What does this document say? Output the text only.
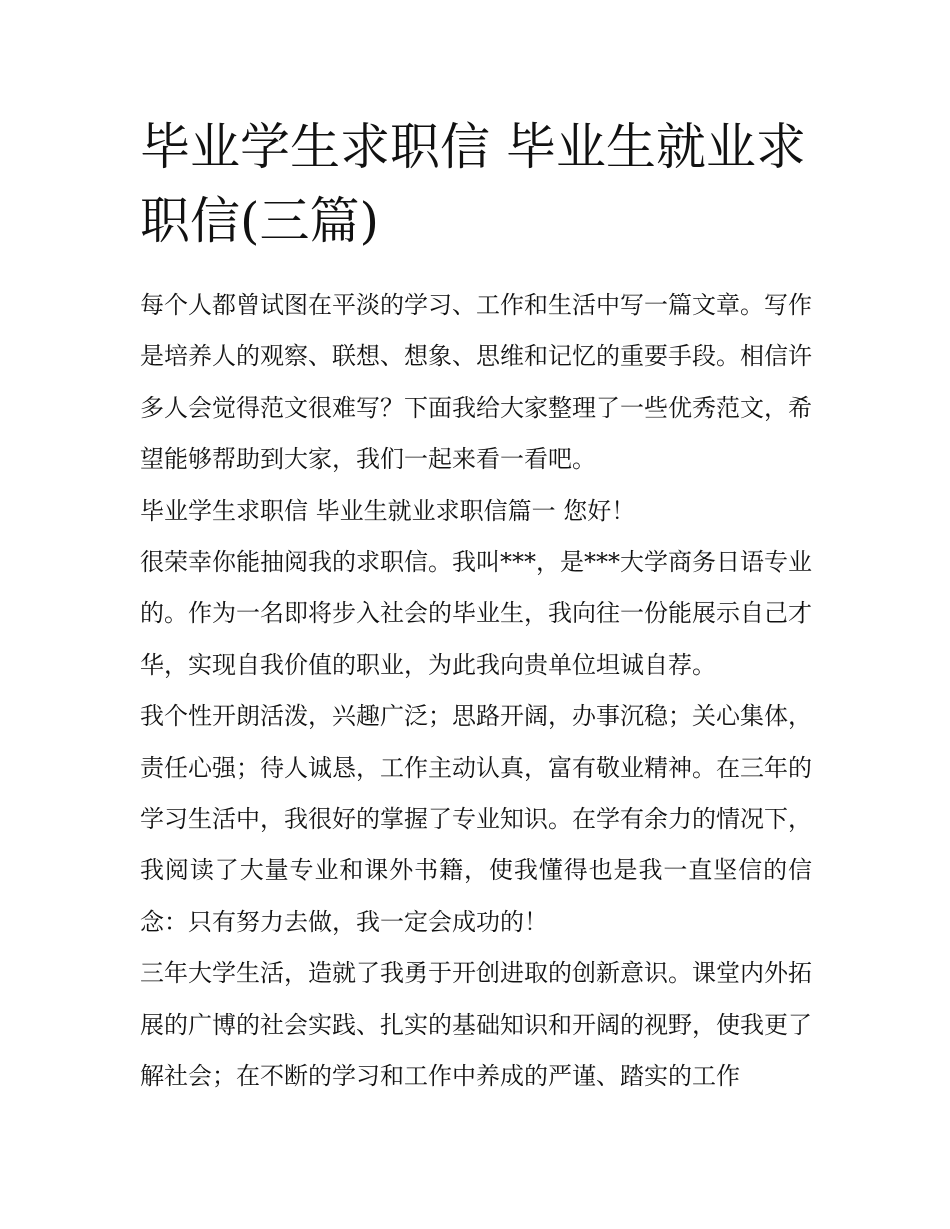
毕业学生求职信 毕业生就业求职信(三篇)

每个人都曾试图在平淡的学习、工作和生活中写一篇文章。写作是培养人的观察、联想、想象、思维和记忆的重要手段。相信许多人会觉得范文很难写？下面我给大家整理了一些优秀范文，希望能够帮助到大家，我们一起来看一看吧。

毕业学生求职信 毕业生就业求职信篇一 您好！

很荣幸你能抽阅我的求职信。我叫***，是***大学商务日语专业的。作为一名即将步入社会的毕业生，我向往一份能展示自己才华，实现自我价值的职业，为此我向贵单位坦诚自荐。

我个性开朗活泼，兴趣广泛；思路开阔，办事沉稳；关心集体，责任心强；待人诚恳，工作主动认真，富有敬业精神。在三年的学习生活中，我很好的掌握了专业知识。在学有余力的情况下，我阅读了大量专业和课外书籍，使我懂得也是我一直坚信的信念：只有努力去做，我一定会成功的！

三年大学生活，造就了我勇于开创进取的创新意识。课堂内外拓展的广博的社会实践、扎实的基础知识和开阔的视野，使我更了解社会；在不断的学习和工作中养成的严谨、踏实的工作
